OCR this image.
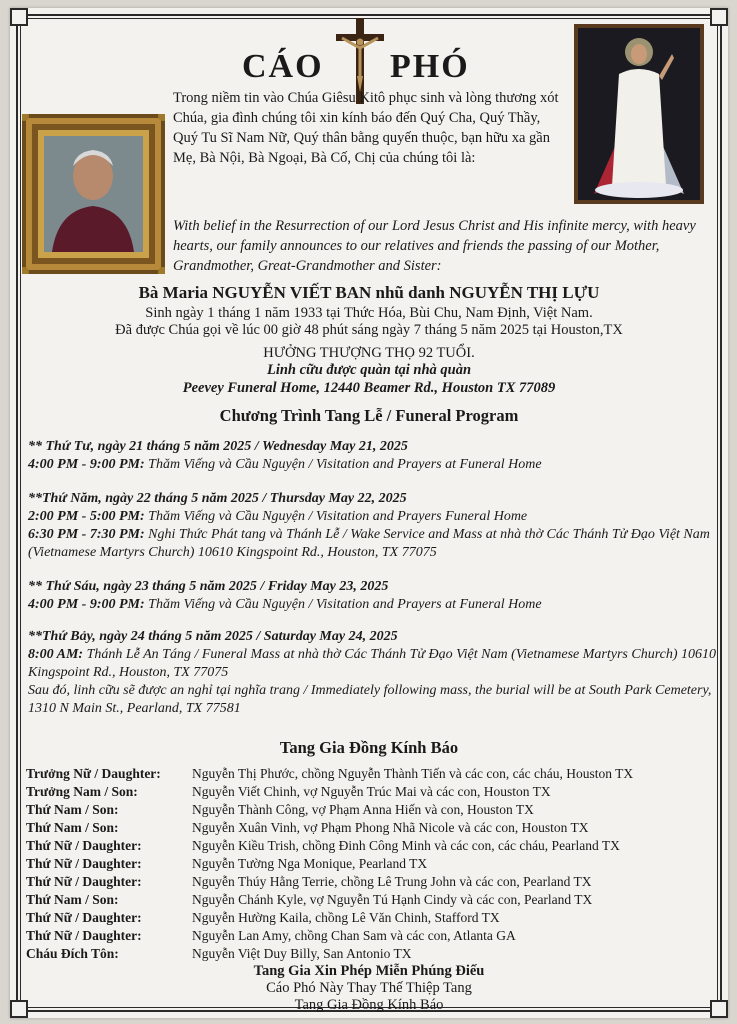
CÁO PHÓ
Trong niềm tin vào Chúa Giêsu Kitô phục sinh và lòng thương xót Chúa, gia đình chúng tôi xin kính báo đến Quý Cha, Quý Thầy, Quý Tu Sĩ Nam Nữ, Quý thân bằng quyến thuộc, bạn hữu xa gần Mẹ, Bà Nội, Bà Ngoại, Bà Cố, Chị của chúng tôi là:
With belief in the Resurrection of our Lord Jesus Christ and His infinite mercy, with heavy hearts, our family announces to our relatives and friends the passing of our Mother, Grandmother, Great-Grandmother and Sister:
Bà Maria NGUYỄN VIẾT BAN nhũ danh NGUYỄN THỊ LỰU
Sinh ngày 1 tháng 1 năm 1933 tại Thức Hóa, Bùi Chu, Nam Định, Việt Nam.
Đã được Chúa gọi về lúc 00 giờ 48 phút sáng ngày 7 tháng 5 năm 2025 tại Houston,TX
HƯỞNG THƯỢNG THỌ 92 TUỔI.
Linh cữu được quàn tại nhà quàn
Peevey Funeral Home, 12440 Beamer Rd., Houston TX 77089
Chương Trình Tang Lễ / Funeral Program
** Thứ Tư, ngày 21 tháng 5 năm 2025 / Wednesday May 21, 2025
4:00 PM - 9:00 PM: Thăm Viếng và Cầu Nguyện / Visitation and Prayers at Funeral Home
**Thứ Năm, ngày 22 tháng 5 năm 2025 / Thursday May 22, 2025
2:00 PM - 5:00 PM: Thăm Viếng và Cầu Nguyện / Visitation and Prayers Funeral Home
6:30 PM - 7:30 PM: Nghi Thức Phát tang và Thánh Lễ / Wake Service and Mass at nhà thờ Các Thánh Tử Đạo Việt Nam (Vietnamese Martyrs Church) 10610 Kingspoint Rd., Houston, TX 77075
** Thứ Sáu, ngày 23 tháng 5 năm 2025 / Friday May 23, 2025
4:00 PM - 9:00 PM: Thăm Viếng và Cầu Nguyện / Visitation and Prayers at Funeral Home
**Thứ Bảy, ngày 24 tháng 5 năm 2025 / Saturday May 24, 2025
8:00 AM: Thánh Lễ An Táng / Funeral Mass at nhà thờ Các Thánh Tử Đạo Việt Nam (Vietnamese Martyrs Church) 10610 Kingspoint Rd., Houston, TX 77075
Sau đó, linh cữu sẽ được an nghỉ tại nghĩa trang / Immediately following mass, the burial will be at South Park Cemetery, 1310 N Main St., Pearland, TX 77581
Tang Gia Đồng Kính Báo
Trưởng Nữ / Daughter:	Nguyễn Thị Phước, chồng Nguyễn Thành Tiến và các con, các cháu, Houston TX
Trưởng Nam / Son:	Nguyễn Viết Chinh, vợ Nguyễn Trúc Mai và các con, Houston TX
Thứ Nam / Son:	Nguyễn Thành Công, vợ Phạm Anna Hiến và con, Houston TX
Thứ Nam / Son:	Nguyễn Xuân Vinh, vợ Phạm Phong Nhã Nicole và các con, Houston TX
Thứ Nữ / Daughter:	Nguyễn Kiều Trish, chồng Đinh Công Minh và các con, các cháu, Pearland TX
Thứ Nữ / Daughter:	Nguyễn Tường Nga Monique, Pearland TX
Thứ Nữ / Daughter:	Nguyễn Thúy Hằng Terrie, chồng Lê Trung John và các con, Pearland TX
Thứ Nam / Son:	Nguyễn Chánh Kyle, vợ Nguyễn Tú Hạnh Cindy và các con, Pearland TX
Thứ Nữ / Daughter:	Nguyễn Hường Kaila, chồng Lê Văn Chinh, Stafford TX
Thứ Nữ / Daughter:	Nguyễn Lan Amy, chồng Chan Sam và các con, Atlanta GA
Cháu Đích Tôn:	Nguyễn Việt Duy Billy, San Antonio TX
Tang Gia Xin Phép Miễn Phúng Điếu
Cáo Phó Này Thay Thế Thiệp Tang
Tang Gia Đồng Kính Báo
